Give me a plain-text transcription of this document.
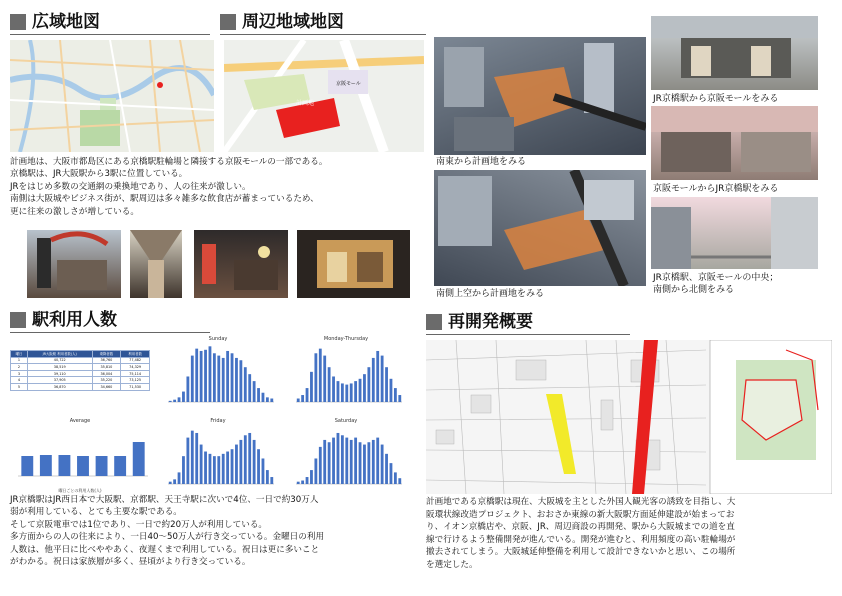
広域地図
計画地は、大阪市都島区にある京橋駅駐輪場と隣接する京阪モールの一部である。
京橋駅は、JR大阪駅から3駅に位置している。
JRをはじめ多数の交通網の乗換地であり、人の往来が激しい。
南側は大阪城やビジネス街が、駅周辺は多々雑多な飲食店が蓄まっているため、
更に往来の激しさが増している。
周辺地域地図
計画地
京阪モール
南東から計画地をみる
南側上空から計画地をみる
JR京橋駅から京阪モールをみる
京阪モールからJR京橋駅をみる
JR京橋駅、京阪モールの中央；
南側から北側をみる
駅利用人数
曜日	JR大阪駅 利用者数(人)	乗降者数	利用者数
1	40,722	36,760	77,482
2	38,519	35,810	74,329
3	39,110	36,004	75,114
4	37,905	35,220	73,125
5	36,870	34,660	71,530
Sunday	Monday-Thursday
Average
曜日ごとの利用人数(人)
Friday	Saturday
JR京橋駅はJR西日本で大阪駅、京都駅、天王寺駅に次いで4位、一日で約30万人
弱が利用している、とても主要な駅である。
そして京阪電車では1位であり、一日で約20万人が利用している。
多方面からの人の往来により、一日40～50万人が行き交っている。金曜日の利用
人数は、他平日に比べややあく、夜遅くまで利用している。祝日は更に多いこと
がわかる。祝日は家族層が多く、昼頃がより行き交っている。
再開発概要
計画地である京橋駅は現在、大阪城を主とした外国人観光客の誘致を目指し、大
阪環状線改造プロジェクト、おおさか東線の新大阪駅方面延伸建設が始まってお
り、イオン京橋店や、京阪、JR、周辺商設の再開発、駅から大阪城までの道を直
線で行けるよう整備開発が進んでいる。開発が進むと、利用頻度の高い駐輪場が
撤去されてしまう。大阪城延伸整備を利用して設計できないかと思い、この場所
を選定した。
